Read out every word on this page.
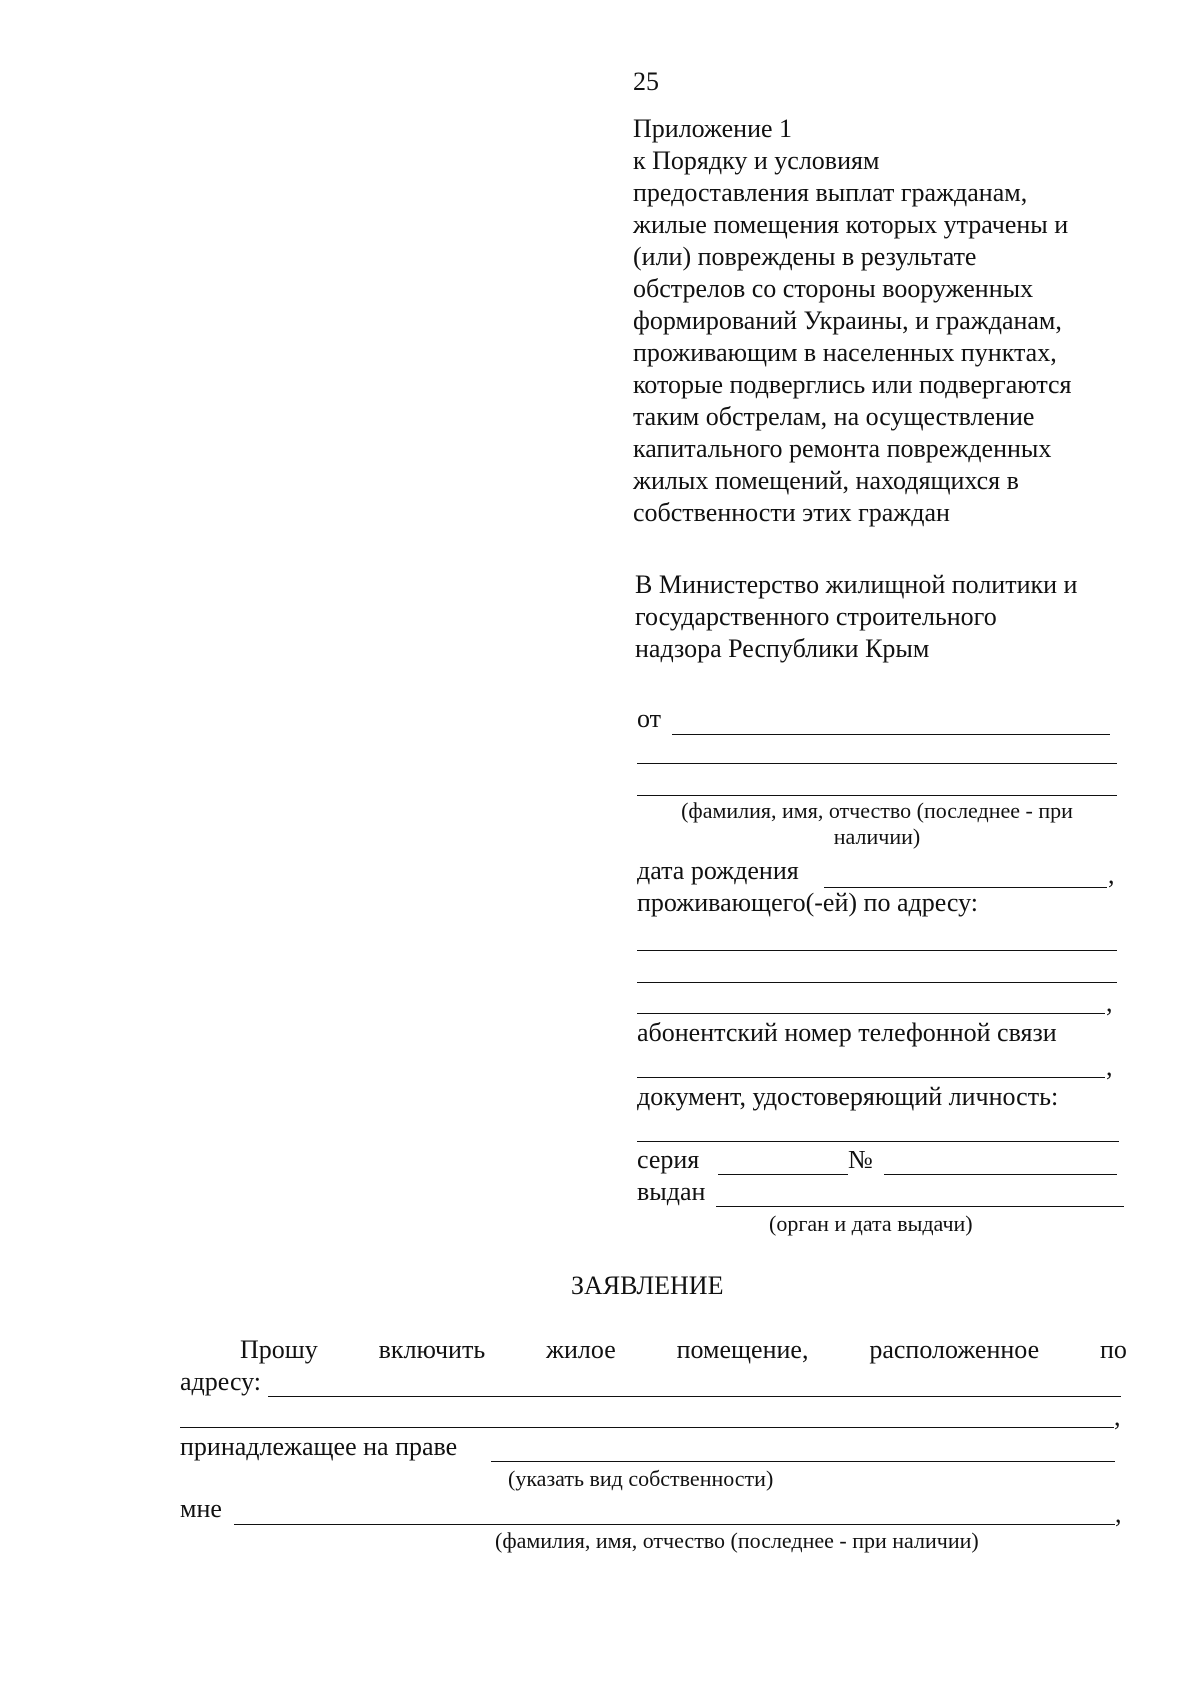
25
Приложение 1
к Порядку и условиям
предоставления выплат гражданам,
жилые помещения которых утрачены и
(или) повреждены в результате
обстрелов со стороны вооруженных
формирований Украины, и гражданам,
проживающим в населенных пунктах,
которые подверглись или подвергаются
таким обстрелам, на осуществление
капитального ремонта поврежденных
жилых помещений, находящихся в
собственности этих граждан
В Министерство жилищной политики и
государственного строительного
надзора Республики Крым
от
(фамилия, имя, отчество (последнее - при
наличии)
дата рождения	,
проживающего(-ей) по адресу:
,
абонентский номер телефонной связи
,
документ, удостоверяющий личность:
серия	№
выдан
(орган и дата выдачи)
ЗАЯВЛЕНИЕ
Прошу включить жилое помещение, расположенное по
адресу:
,
принадлежащее на праве
(указать вид собственности)
мне	,
(фамилия, имя, отчество (последнее - при наличии)
